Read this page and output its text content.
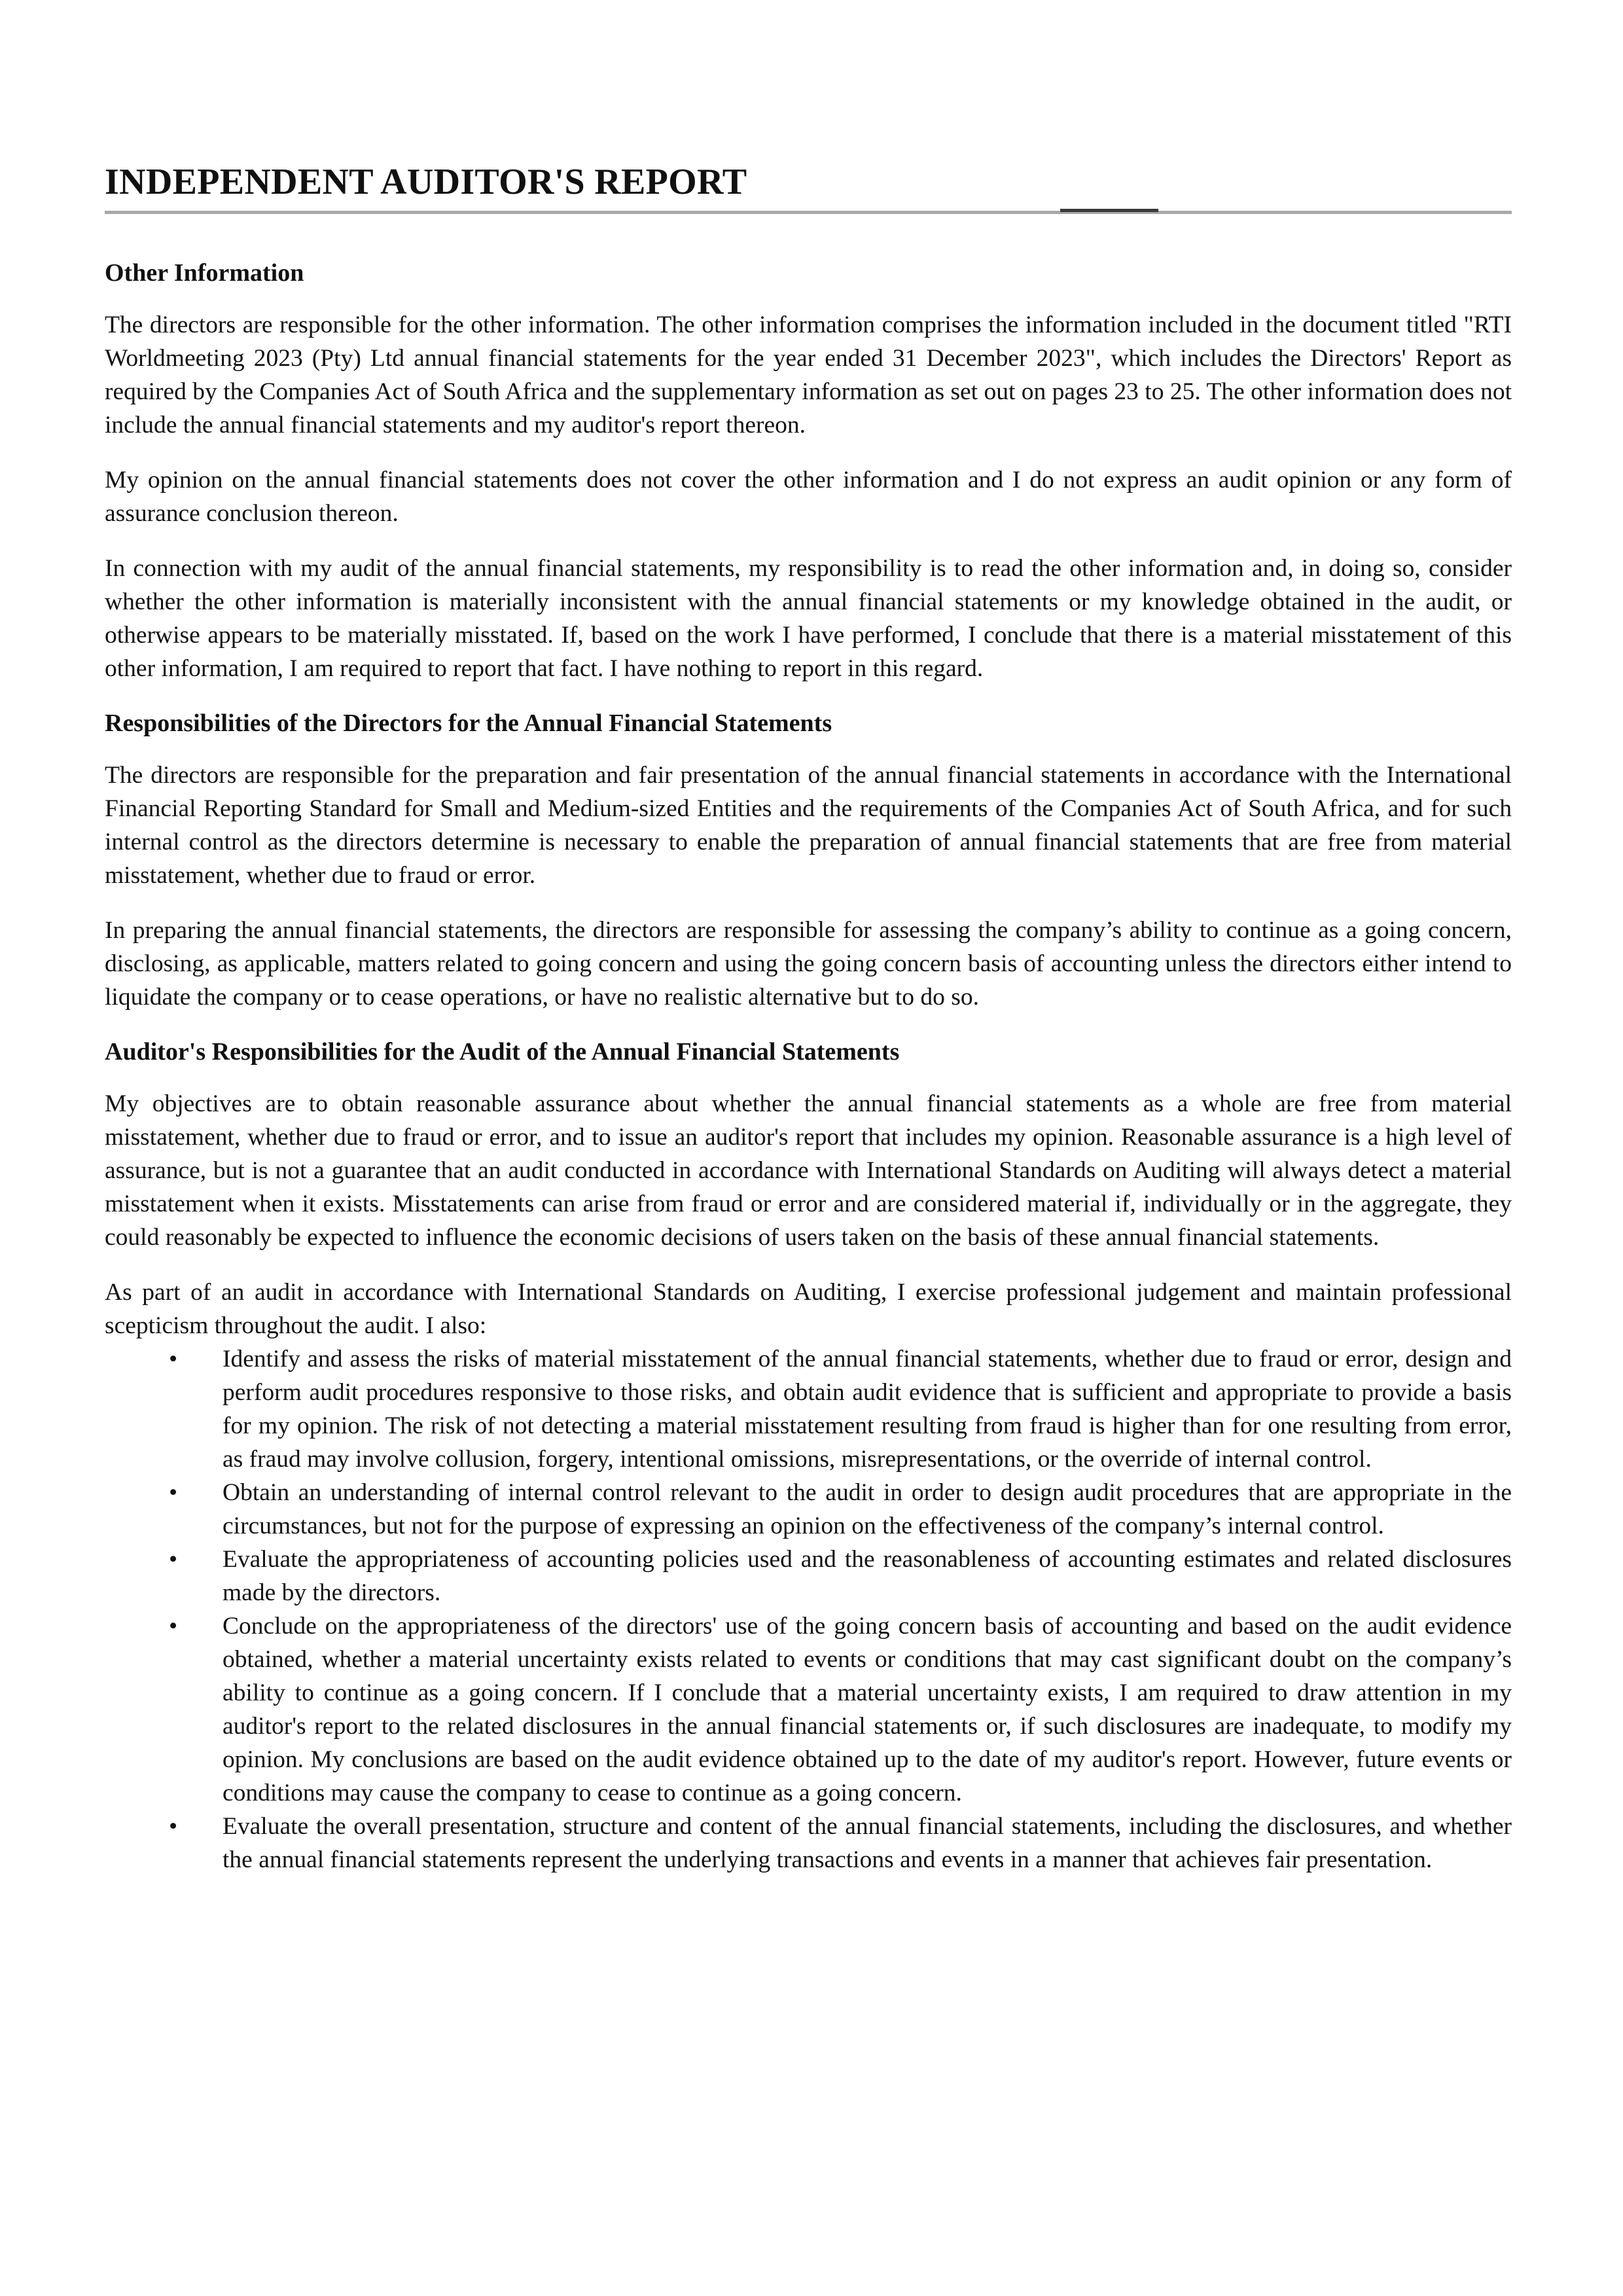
INDEPENDENT AUDITOR'S REPORT
Other Information

The directors are responsible for the other information. The other information comprises the information included in the document titled "RTI Worldmeeting 2023 (Pty) Ltd annual financial statements for the year ended 31 December 2023", which includes the Directors' Report as required by the Companies Act of South Africa and the supplementary information as set out on pages 23 to 25. The other information does not include the annual financial statements and my auditor's report thereon.

My opinion on the annual financial statements does not cover the other information and I do not express an audit opinion or any form of assurance conclusion thereon.

In connection with my audit of the annual financial statements, my responsibility is to read the other information and, in doing so, consider whether the other information is materially inconsistent with the annual financial statements or my knowledge obtained in the audit, or otherwise appears to be materially misstated. If, based on the work I have performed, I conclude that there is a material misstatement of this other information, I am required to report that fact. I have nothing to report in this regard.

Responsibilities of the Directors for the Annual Financial Statements

The directors are responsible for the preparation and fair presentation of the annual financial statements in accordance with the International Financial Reporting Standard for Small and Medium-sized Entities and the requirements of the Companies Act of South Africa, and for such internal control as the directors determine is necessary to enable the preparation of annual financial statements that are free from material misstatement, whether due to fraud or error.

In preparing the annual financial statements, the directors are responsible for assessing the company’s ability to continue as a going concern, disclosing, as applicable, matters related to going concern and using the going concern basis of accounting unless the directors either intend to liquidate the company or to cease operations, or have no realistic alternative but to do so.

Auditor's Responsibilities for the Audit of the Annual Financial Statements

My objectives are to obtain reasonable assurance about whether the annual financial statements as a whole are free from material misstatement, whether due to fraud or error, and to issue an auditor's report that includes my opinion. Reasonable assurance is a high level of assurance, but is not a guarantee that an audit conducted in accordance with International Standards on Auditing will always detect a material misstatement when it exists. Misstatements can arise from fraud or error and are considered material if, individually or in the aggregate, they could reasonably be expected to influence the economic decisions of users taken on the basis of these annual financial statements.

As part of an audit in accordance with International Standards on Auditing, I exercise professional judgement and maintain professional scepticism throughout the audit. I also:

• Identify and assess the risks of material misstatement of the annual financial statements, whether due to fraud or error, design and perform audit procedures responsive to those risks, and obtain audit evidence that is sufficient and appropriate to provide a basis for my opinion. The risk of not detecting a material misstatement resulting from fraud is higher than for one resulting from error, as fraud may involve collusion, forgery, intentional omissions, misrepresentations, or the override of internal control.
• Obtain an understanding of internal control relevant to the audit in order to design audit procedures that are appropriate in the circumstances, but not for the purpose of expressing an opinion on the effectiveness of the company’s internal control.
• Evaluate the appropriateness of accounting policies used and the reasonableness of accounting estimates and related disclosures made by the directors.
• Conclude on the appropriateness of the directors' use of the going concern basis of accounting and based on the audit evidence obtained, whether a material uncertainty exists related to events or conditions that may cast significant doubt on the company’s ability to continue as a going concern. If I conclude that a material uncertainty exists, I am required to draw attention in my auditor's report to the related disclosures in the annual financial statements or, if such disclosures are inadequate, to modify my opinion. My conclusions are based on the audit evidence obtained up to the date of my auditor's report. However, future events or conditions may cause the company to cease to continue as a going concern.
• Evaluate the overall presentation, structure and content of the annual financial statements, including the disclosures, and whether the annual financial statements represent the underlying transactions and events in a manner that achieves fair presentation.
